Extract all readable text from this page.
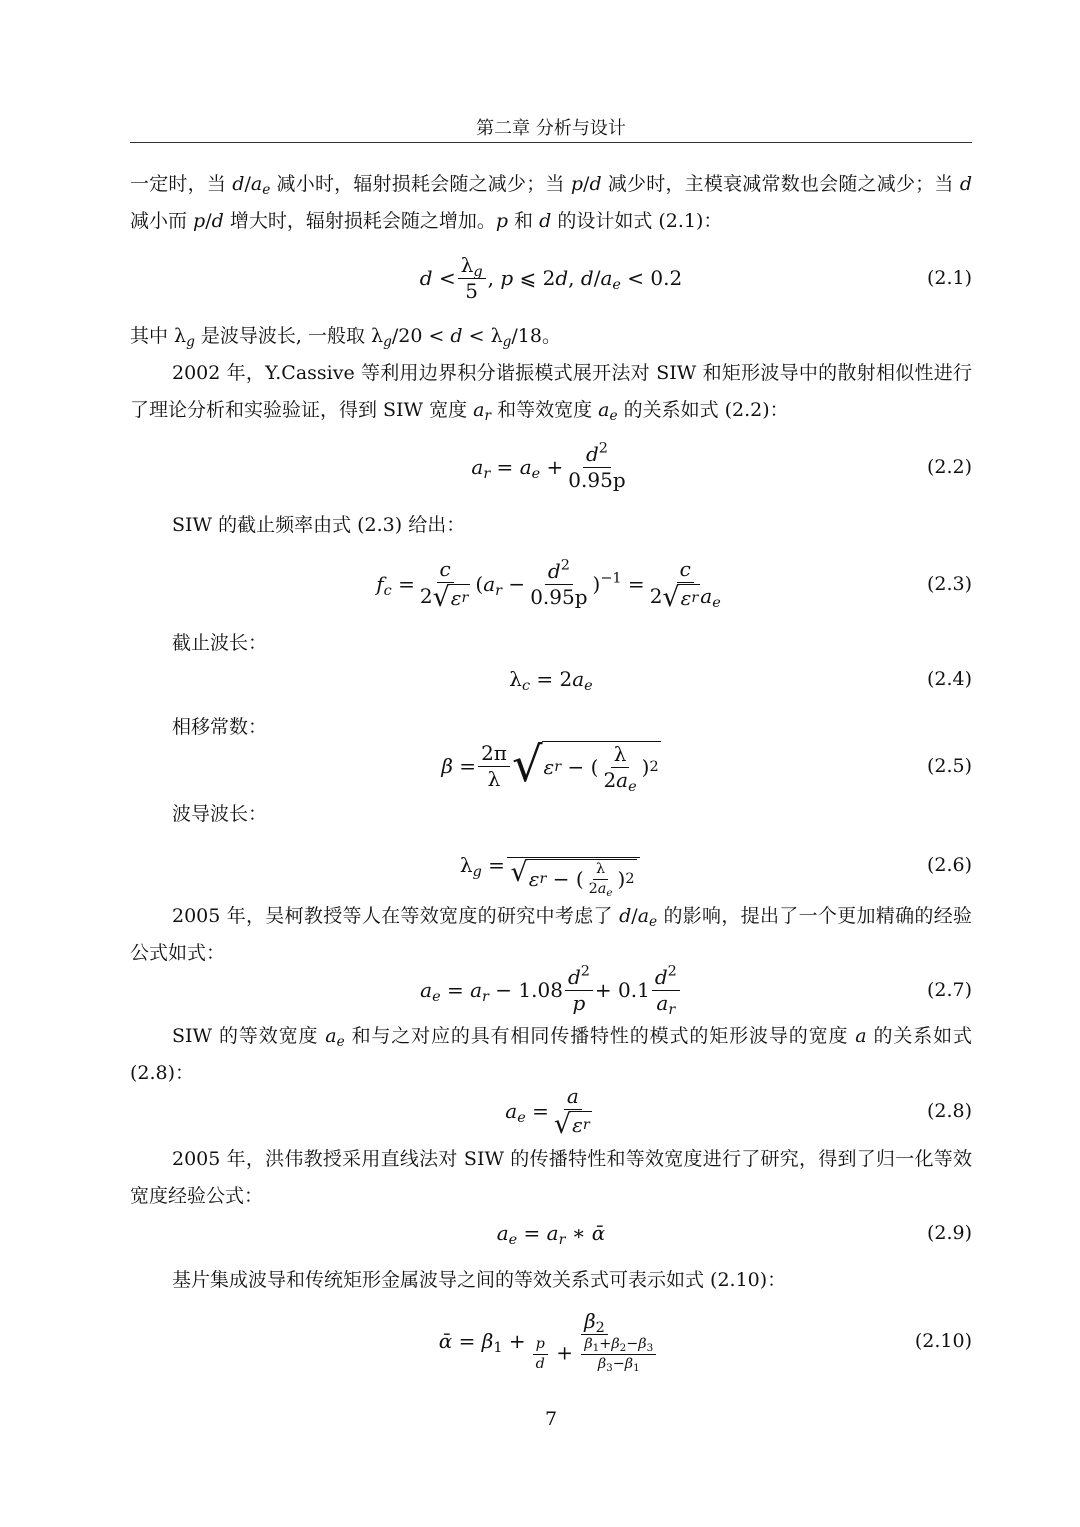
第二章 分析与设计

一定时，当 $d/a_e$ 减小时，辐射损耗会随之减少；当 p/d 减少时，主模衰减常数也会随之减少；当 d 减小而 p/d 增大时，辐射损耗会随之增加。p 和 d 的设计如式 (2.1)：

$d < \frac{\lambda_g}{5}$ , p ⩽ 2d, $d/a_e < 0.2$	(2.1)

其中 $\lambda_g$ 是波导波长, 一般取 $\lambda_g/20 < d < \lambda_g/18$。

2002 年，Y.Cassive 等利用边界积分谐振模式展开法对 SIW 和矩形波导中的散射相似性进行了理论分析和实验验证，得到 SIW 宽度 $a_r$ 和等效宽度 $a_e$ 的关系如式 (2.2)：

$a_r = a_e + \frac{d^2}{0.95p}$	(2.2)

SIW 的截止频率由式 (2.3) 给出：

$f_c = \frac{c}{\text{2 √ ε r}} (a_r - \frac{d^2}{0.95p} )^{-1} = \frac{c}{2 √ \varepsilon r a_e}$	(2.3)

截止波长：

$\lambda_c = 2a_e$	(2.4)

相移常数：

$\beta = \frac{2\pi}{\lambda}$ √ ε r − ( $\frac{\lambda}{2a_e}$ ) 2	(2.5)

波导波长：

$\lambda_g$ =
√ ε r − ( $\frac{\lambda}{2a_e}$ ) 2
(2.6)

2005 年，吴柯教授等人在等效宽度的研究中考虑了 $d/a_e$ 的影响，提出了一个更加精确的经验公式如式：

$a_e = a_r - 1.08 \frac{d^2}{p} + 0.1 \frac{d^2}{a_r}$	(2.7)

SIW 的等效宽度 $a_e$ 和与之对应的具有相同传播特性的模式的矩形波导的宽度 a 的关系如式 (2.8)：

$a_e = \frac{a}{\text{√ ε r}}$	(2.8)

2005 年，洪伟教授采用直线法对 SIW 的传播特性和等效宽度进行了研究，得到了归一化等效宽度经验公式：

$a_e = a_r$ ∗ ᾱ	(2.9)

基片集成波导和传统矩形金属波导之间的等效关系式可表示如式 (2.10)：

ᾱ = $\beta_1 + \frac{\beta_2}{\frac{p}{d} + \frac{\beta_1+\beta_2-\beta_3}{\beta_3-\beta_1}}$	(2.10)
7
